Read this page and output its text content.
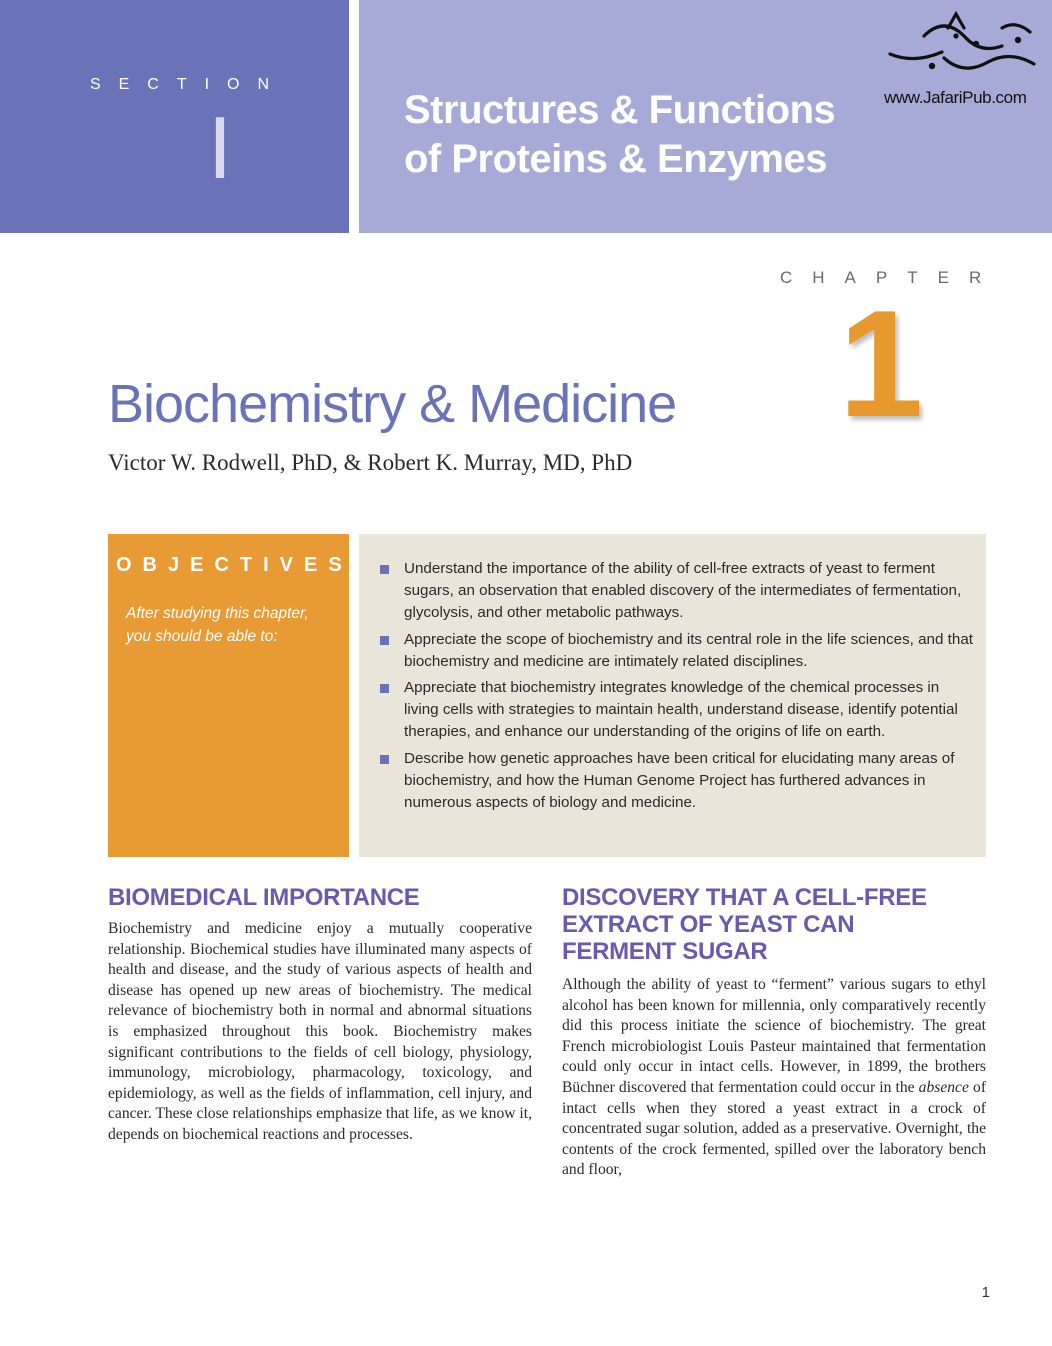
SECTION
I	Structures & Functions
of Proteins & Enzymes
www.JafariPub.com
CHAPTER
1
Biochemistry & Medicine
Victor W. Rodwell, PhD, & Robert K. Murray, MD, PhD
OBJECTIVES
After studying this chapter, you should be able to:
Understand the importance of the ability of cell-free extracts of yeast to ferment sugars, an observation that enabled discovery of the intermediates of fermentation, glycolysis, and other metabolic pathways.
Appreciate the scope of biochemistry and its central role in the life sciences, and that biochemistry and medicine are intimately related disciplines.
Appreciate that biochemistry integrates knowledge of the chemical processes in living cells with strategies to maintain health, understand disease, identify potential therapies, and enhance our understanding of the origins of life on earth.
Describe how genetic approaches have been critical for elucidating many areas of biochemistry, and how the Human Genome Project has furthered advances in numerous aspects of biology and medicine.
BIOMEDICAL IMPORTANCE

Biochemistry and medicine enjoy a mutually cooperative relationship. Biochemical studies have illuminated many aspects of health and disease, and the study of various aspects of health and disease has opened up new areas of biochemistry. The medical relevance of biochemistry both in normal and abnormal situations is emphasized throughout this book. Biochemistry makes significant contributions to the fields of cell biology, physiology, immunology, microbiology, pharmacology, toxicology, and epidemiology, as well as the fields of inflammation, cell injury, and cancer. These close relationships emphasize that life, as we know it, depends on biochemical reactions and processes.

DISCOVERY THAT A CELL-FREE
EXTRACT OF YEAST CAN
FERMENT SUGAR

Although the ability of yeast to “ferment” various sugars to ethyl alcohol has been known for millennia, only comparatively recently did this process initiate the science of biochemistry. The great French microbiologist Louis Pasteur maintained that fermentation could only occur in intact cells. However, in 1899, the brothers Büchner discovered that fermentation could occur in the absence of intact cells when they stored a yeast extract in a crock of concentrated sugar solution, added as a preservative. Overnight, the contents of the crock fermented, spilled over the laboratory bench and floor,

1
